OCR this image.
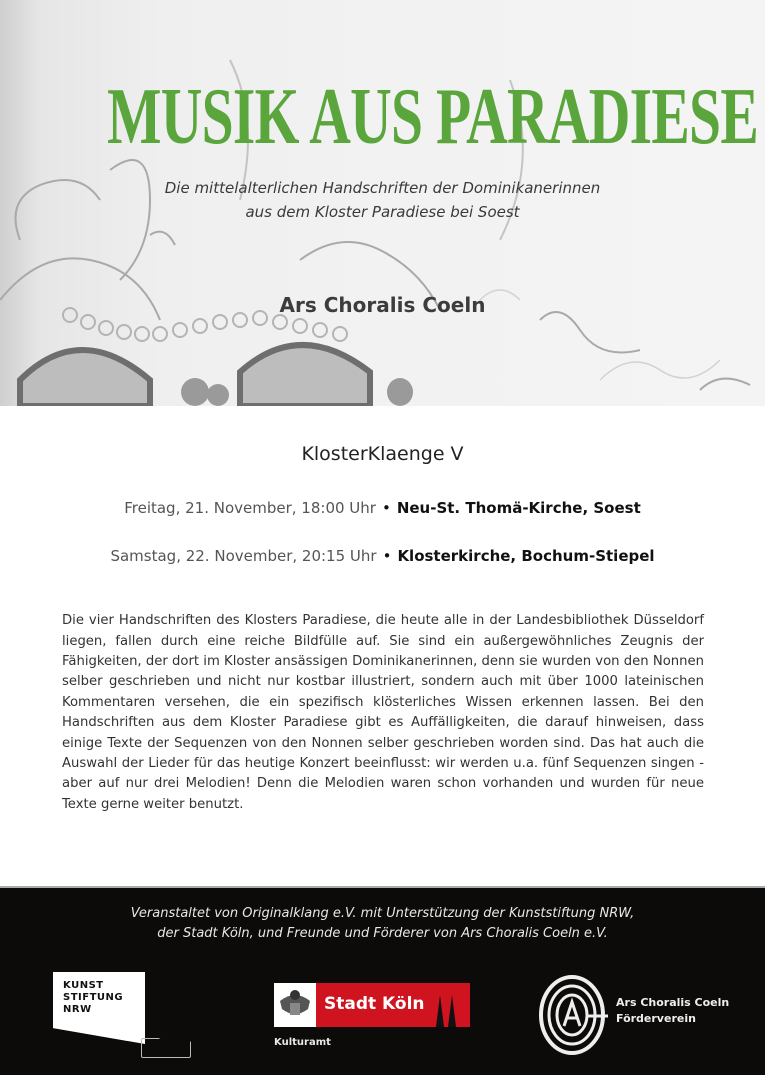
MUSIK AUS PARADIESE
Die mittelalterlichen Handschriften der Dominikanerinnen
aus dem Kloster Paradiese bei Soest
Ars Choralis Coeln
KlosterKlaenge V
Freitag, 21. November, 18:00 Uhr • Neu-St. Thomä-Kirche, Soest
Samstag, 22. November, 20:15 Uhr • Klosterkirche, Bochum-Stiepel

Die vier Handschriften des Klosters Paradiese, die heute alle in der Landesbibliothek Düsseldorf liegen, fallen durch eine reiche Bildfülle auf. Sie sind ein außergewöhnliches Zeugnis der Fähigkeiten, der dort im Kloster ansässigen Dominikanerinnen, denn sie wurden von den Nonnen selber geschrieben und nicht nur kostbar illustriert, sondern auch mit über 1000 lateinischen Kommentaren versehen, die ein spezifisch klösterliches Wissen erkennen lassen. Bei den Handschriften aus dem Kloster Paradiese gibt es Auffälligkeiten, die darauf hinweisen, dass einige Texte der Sequenzen von den Nonnen selber geschrieben worden sind. Das hat auch die Auswahl der Lieder für das heutige Konzert beeinflusst: wir werden u.a. fünf Sequenzen singen - aber auf nur drei Melodien! Denn die Melodien waren schon vorhanden und wurden für neue Texte gerne weiter benutzt.

Veranstaltet von Originalklang e.V. mit Unterstützung der Kunststiftung NRW,
der Stadt Köln, und Freunde und Förderer von Ars Choralis Coeln e.V.
KUNST
STIFTUNG
NRW	Stadt Köln
Kulturamt
Ars Choralis Coeln
Förderverein
